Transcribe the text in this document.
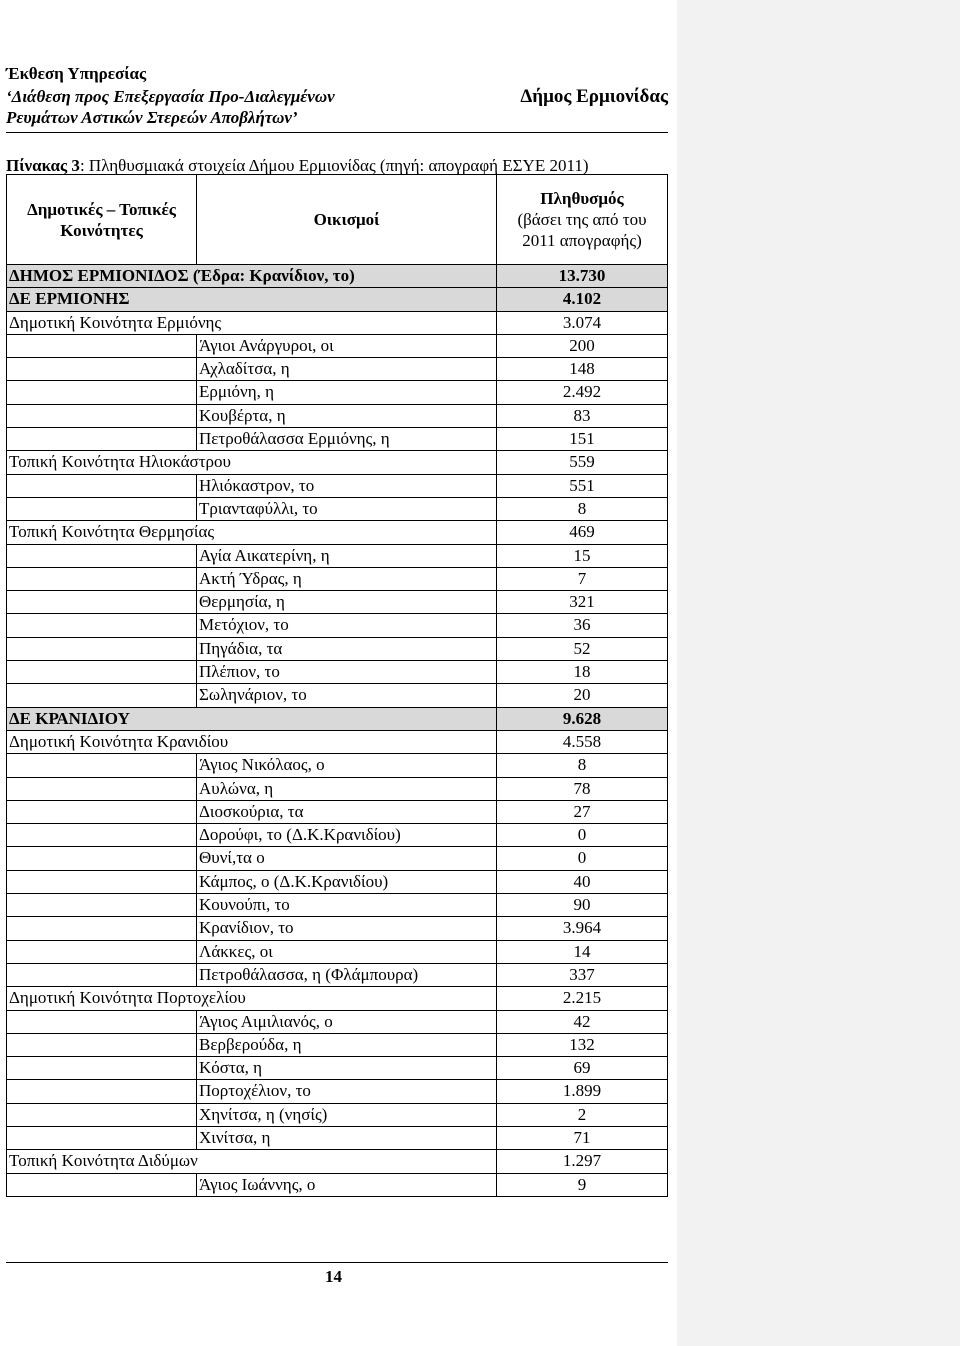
Έκθεση Υπηρεσίας
‘Διάθεση προς Επεξεργασία Προ-Διαλεγμένων
Ρευμάτων Αστικών Στερεών Αποβλήτων’
Δήμος Ερμιονίδας
Πίνακας 3: Πληθυσμιακά στοιχεία Δήμου Ερμιονίδας (πηγή: απογραφή ΕΣΥΕ 2011)
Δημοτικές – Τοπικές Κοινότητες	Οικισμοί	Πληθυσμός
(βάσει της από του 2011 απογραφής)
ΔΗΜΟΣ ΕΡΜΙΟΝΙΔΟΣ (Έδρα: Κρανίδιον, το)		13.730
ΔΕ ΕΡΜΙΟΝΗΣ		4.102
Δημοτική Κοινότητα Ερμιόνης		3.074
	Άγιοι Ανάργυροι, οι	200
	Αχλαδίτσα, η	148
	Ερμιόνη, η	2.492
	Κουβέρτα, η	83
	Πετροθάλασσα Ερμιόνης, η	151
Τοπική Κοινότητα Ηλιοκάστρου		559
	Ηλιόκαστρον, το	551
	Τριανταφύλλι, το	8
Τοπική Κοινότητα Θερμησίας		469
	Αγία Αικατερίνη, η	15
	Ακτή Ύδρας, η	7
	Θερμησία, η	321
	Μετόχιον, το	36
	Πηγάδια, τα	52
	Πλέπιον, το	18
	Σωληνάριον, το	20
ΔΕ ΚΡΑΝΙΔΙΟΥ		9.628
Δημοτική Κοινότητα Κρανιδίου		4.558
	Άγιος Νικόλαος, ο	8
	Αυλώνα, η	78
	Διοσκούρια, τα	27
	Δορούφι, το (Δ.Κ.Κρανιδίου)	0
	Θυνί,τα ο	0
	Κάμπος, ο (Δ.Κ.Κρανιδίου)	40
	Κουνούπι, το	90
	Κρανίδιον, το	3.964
	Λάκκες, οι	14
	Πετροθάλασσα, η (Φλάμπουρα)	337
Δημοτική Κοινότητα Πορτοχελίου		2.215
	Άγιος Αιμιλιανός, ο	42
	Βερβερούδα, η	132
	Κόστα, η	69
	Πορτοχέλιον, το	1.899
	Χηνίτσα, η (νησίς)	2
	Χινίτσα, η	71
Τοπική Κοινότητα Διδύμων		1.297
	Άγιος Ιωάννης, ο	9
14
